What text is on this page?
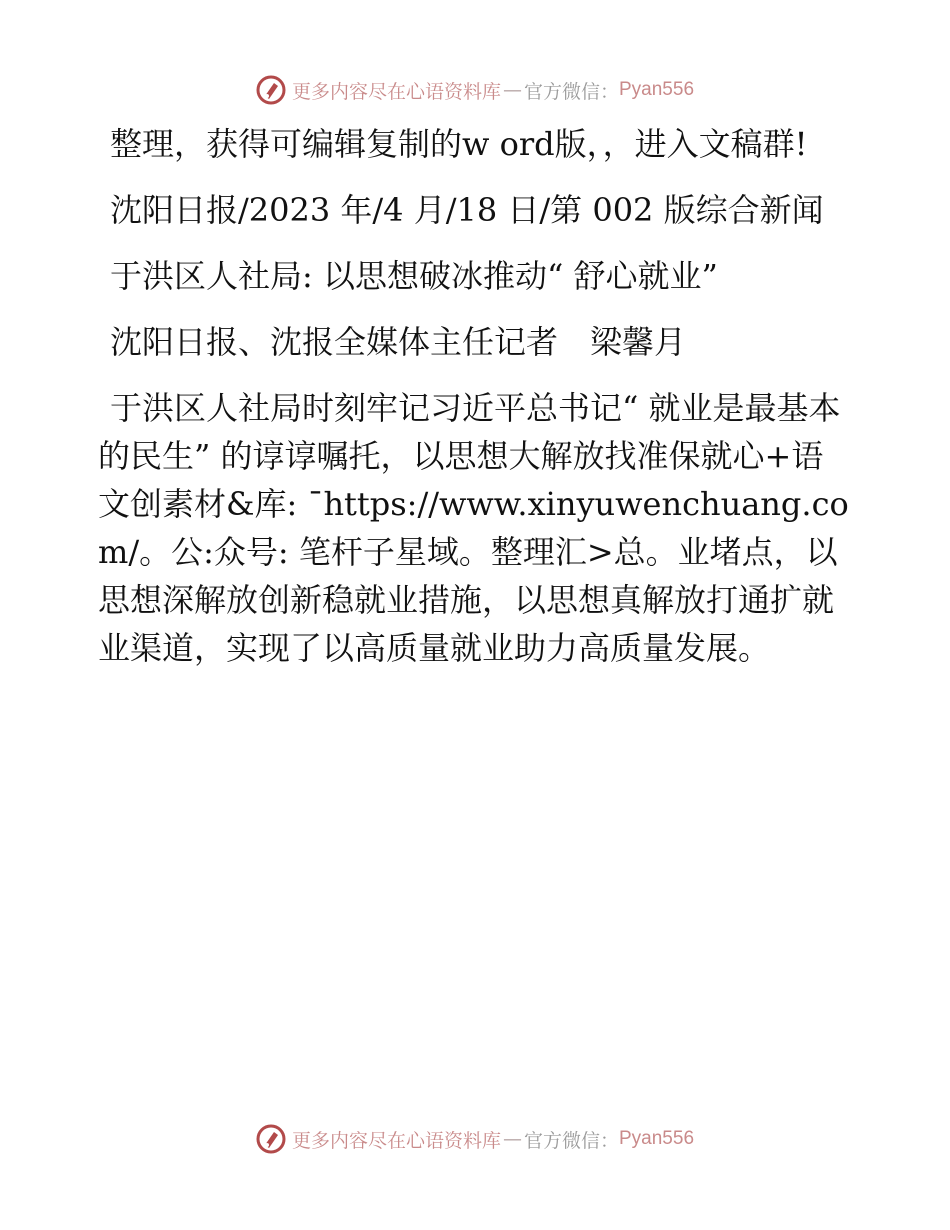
更多内容尽在心语资料库 — 官方微信： Pyan556

整理，获得可编辑复制的w ord版，，进入文稿群!

沈阳日报/2023 年/4 月/18 日/第 002 版综合新闻

于洪区人社局: 以思想破冰推动“ 舒心就业”

沈阳日报、沈报全媒体主任记者　梁馨月

于洪区人社局时刻牢记习近平总书记“ 就业是最基本的民生” 的谆谆嘱托，以思想大解放找准保就心+语文创素材&库: ¯https://www.xinyuwenchuang.com/。公:众号: 笔杆子星域。整理汇>总。业堵点，以思想深解放创新稳就业措施，以思想真解放打通扩就业渠道，实现了以高质量就业助力高质量发展。

更多内容尽在心语资料库 — 官方微信： Pyan556
